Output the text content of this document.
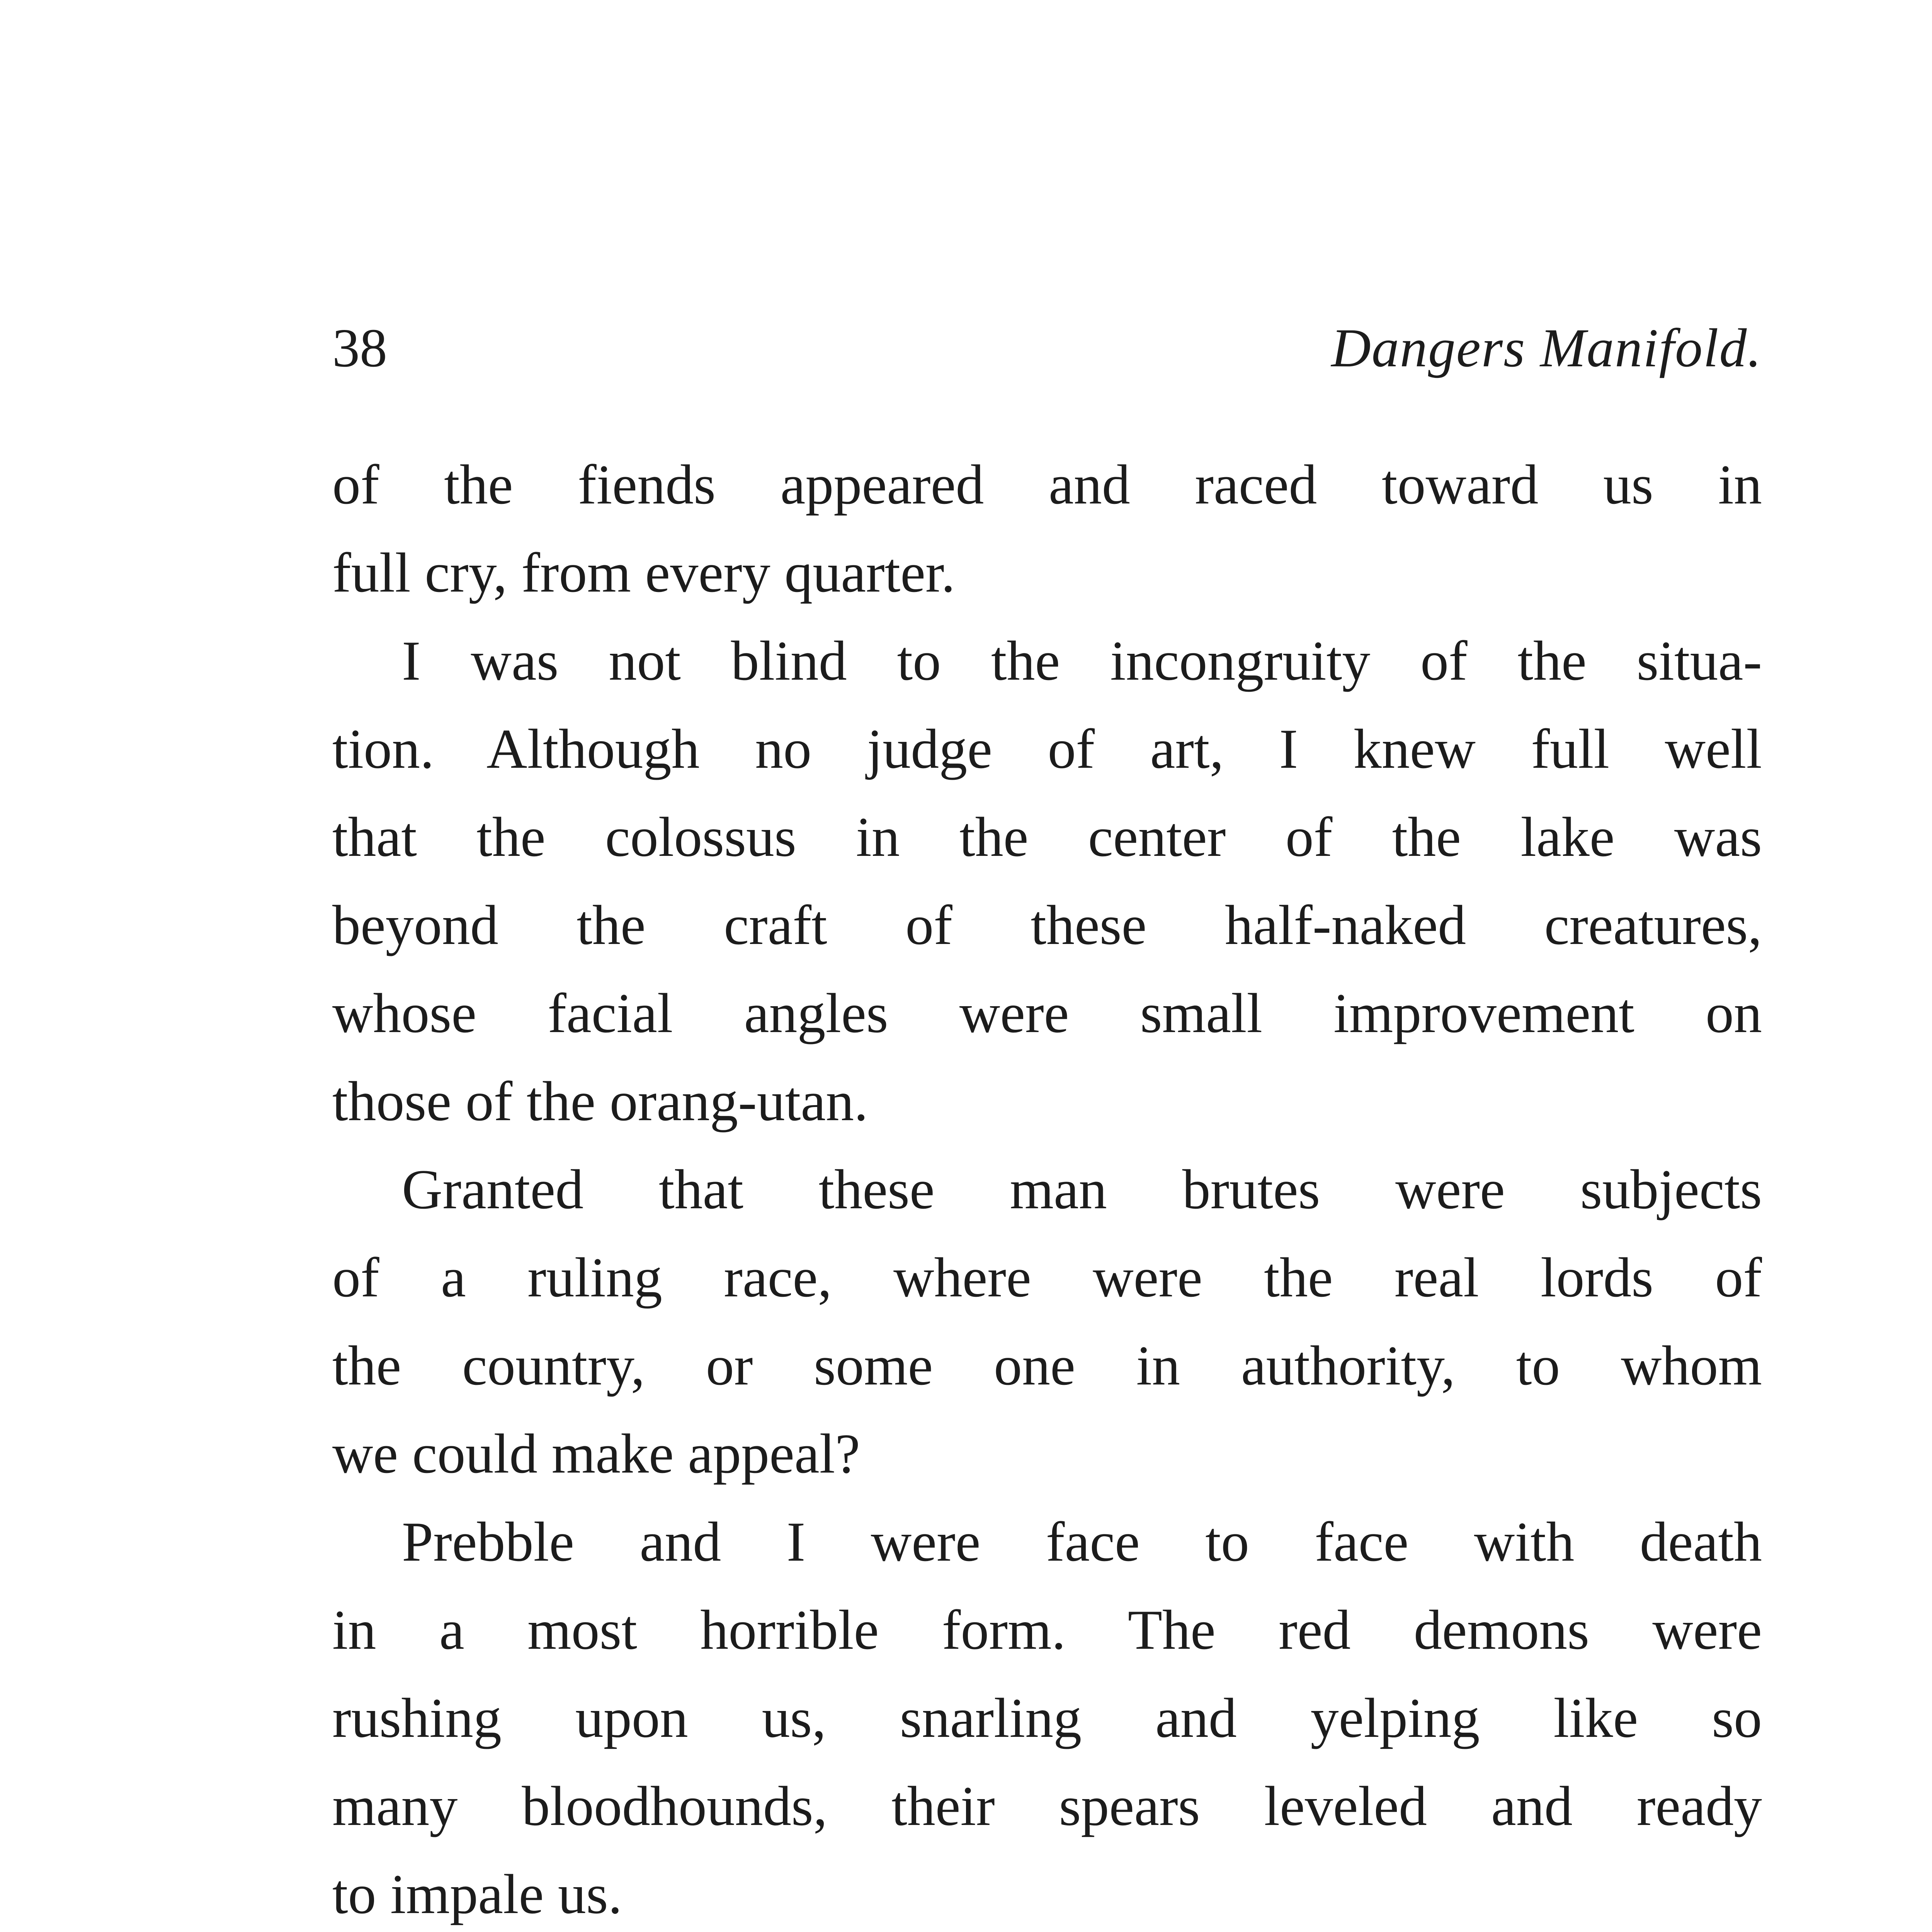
38	Dangers Manifold.

of the fiends appeared and raced toward us in
full cry, from every quarter.

I was not blind to the incongruity of the situa-
tion. Although no judge of art, I knew full well
that the colossus in the center of the lake was
beyond the craft of these half-naked creatures,
whose facial angles were small improvement on
those of the orang-utan.

Granted that these man brutes were subjects
of a ruling race, where were the real lords of
the country, or some one in authority, to whom
we could make appeal?

Prebble and I were face to face with death
in a most horrible form. The red demons were
rushing upon us, snarling and yelping like so
many bloodhounds, their spears leveled and ready
to impale us.
